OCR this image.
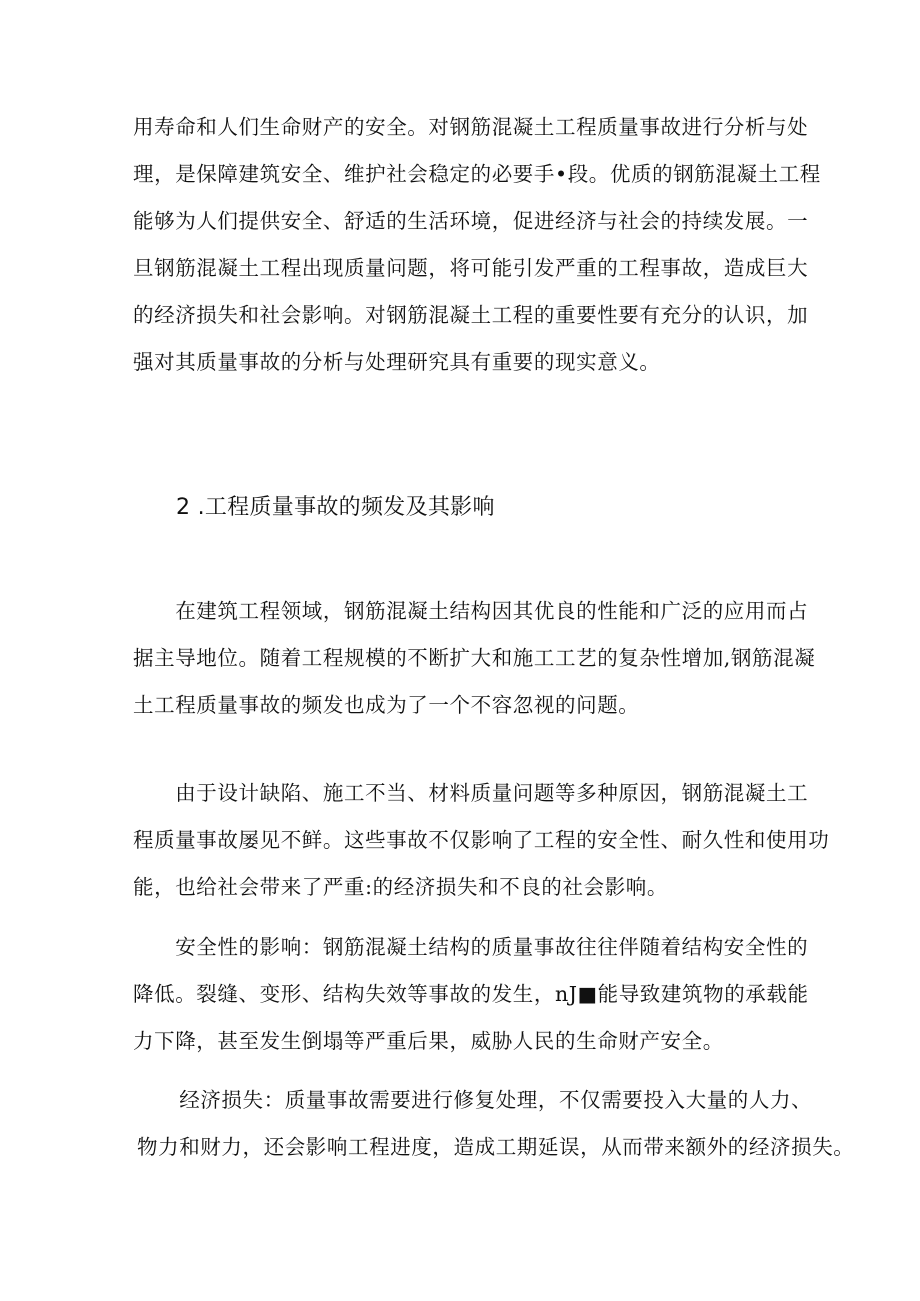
用寿命和人们生命财产的安全。对钢筋混凝土工程质量事故进行分析与处
理，是保障建筑安全、维护社会稳定的必要手•段。优质的钢筋混凝土工程
能够为人们提供安全、舒适的生活环境，促进经济与社会的持续发展。一
旦钢筋混凝土工程出现质量问题，将可能引发严重的工程事故，造成巨大
的经济损失和社会影响。对钢筋混凝土工程的重要性要有充分的认识，加
强对其质量事故的分析与处理研究具有重要的现实意义。

2 .工程质量事故的频发及其影响

　　在建筑工程领域，钢筋混凝土结构因其优良的性能和广泛的应用而占
据主导地位。随着工程规模的不断扩大和施工工艺的复杂性增加,钢筋混凝
土工程质量事故的频发也成为了一个不容忽视的问题。

　　由于设计缺陷、施工不当、材料质量问题等多种原因，钢筋混凝土工
程质量事故屡见不鲜。这些事故不仅影响了工程的安全性、耐久性和使用功
能，也给社会带来了严重:的经济损失和不良的社会影响。

　　安全性的影响：钢筋混凝土结构的质量事故往往伴随着结构安全性的
降低。裂缝、变形、结构失效等事故的发生，nJ■能导致建筑物的承载能
力下降，甚至发生倒塌等严重后果，威胁人民的生命财产安全。

　　经济损失：质量事故需要进行修复处理，不仅需要投入大量的人力、
物力和财力，还会影响工程进度，造成工期延误，从而带来额外的经济损失。
